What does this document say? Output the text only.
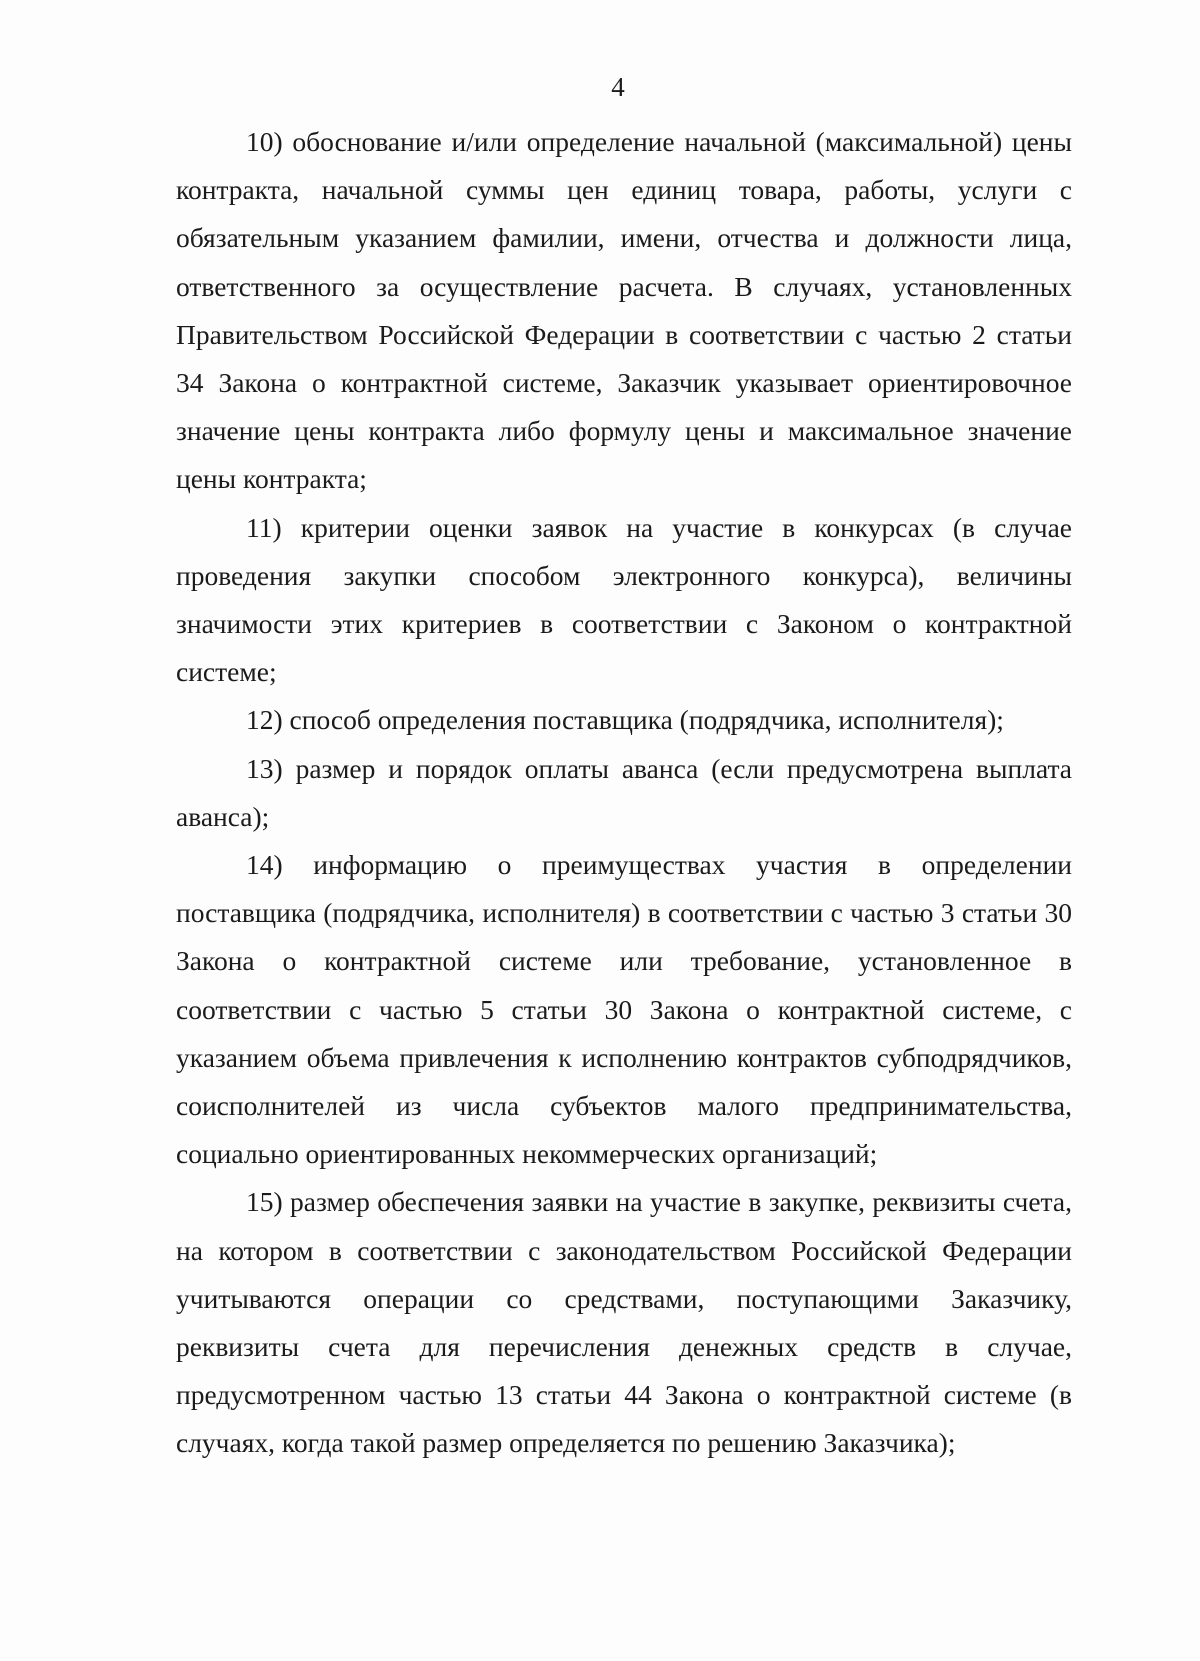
4

10) обоснование и/или определение начальной (максимальной) цены контракта, начальной суммы цен единиц товара, работы, услуги с обязательным указанием фамилии, имени, отчества и должности лица, ответственного за осуществление расчета. В случаях, установленных Правительством Российской Федерации в соответствии с частью 2 статьи 34 Закона о контрактной системе, Заказчик указывает ориентировочное значение цены контракта либо формулу цены и максимальное значение цены контракта;

11) критерии оценки заявок на участие в конкурсах (в случае проведения закупки способом электронного конкурса), величины значимости этих критериев в соответствии с Законом о контрактной системе;

12) способ определения поставщика (подрядчика, исполнителя);

13) размер и порядок оплаты аванса (если предусмотрена выплата аванса);

14) информацию о преимуществах участия в определении поставщика (подрядчика, исполнителя) в соответствии с частью 3 статьи 30 Закона о контрактной системе или требование, установленное в соответствии с частью 5 статьи 30 Закона о контрактной системе, с указанием объема привлечения к исполнению контрактов субподрядчиков, соисполнителей из числа субъектов малого предпринимательства, социально ориентированных некоммерческих организаций;

15) размер обеспечения заявки на участие в закупке, реквизиты счета, на котором в соответствии с законодательством Российской Федерации учитываются операции со средствами, поступающими Заказчику, реквизиты счета для перечисления денежных средств в случае, предусмотренном частью 13 статьи 44 Закона о контрактной системе (в случаях, когда такой размер определяется по решению Заказчика);
